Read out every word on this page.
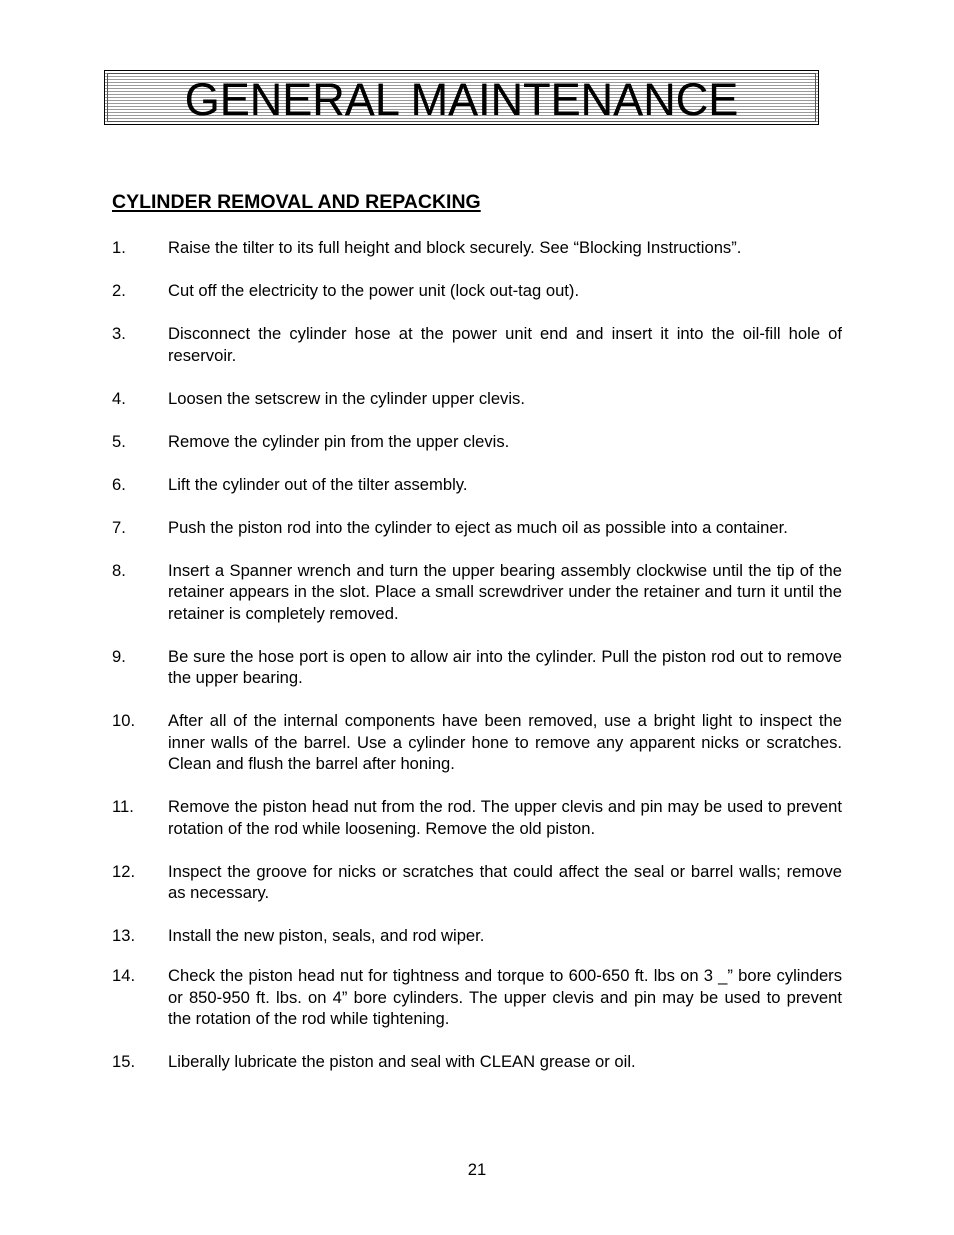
GENERAL MAINTENANCE
CYLINDER REMOVAL AND REPACKING
1.	Raise the tilter to its full height and block securely. See “Blocking Instructions”.
2.	Cut off the electricity to the power unit (lock out-tag out).
3.	Disconnect the cylinder hose at the power unit end and insert it into the oil-fill hole of reservoir.
4.	Loosen the setscrew in the cylinder upper clevis.
5.	Remove the cylinder pin from the upper clevis.
6.	Lift the cylinder out of the tilter assembly.
7.	Push the piston rod into the cylinder to eject as much oil as possible into a container.
8.	Insert a Spanner wrench and turn the upper bearing assembly clockwise until the tip of the retainer appears in the slot. Place a small screwdriver under the retainer and turn it until the retainer is completely removed.
9.	Be sure the hose port is open to allow air into the cylinder. Pull the piston rod out to remove the upper bearing.
10.	After all of the internal components have been removed, use a bright light to inspect the inner walls of the barrel. Use a cylinder hone to remove any apparent nicks or scratches. Clean and flush the barrel after honing.
11.	Remove the piston head nut from the rod. The upper clevis and pin may be used to prevent rotation of the rod while loosening. Remove the old piston.
12.	Inspect the groove for nicks or scratches that could affect the seal or barrel walls; remove as necessary.
13.	Install the new piston, seals, and rod wiper.
14.	Check the piston head nut for tightness and torque to 600-650 ft. lbs on 3 _” bore cylinders or 850-950 ft. lbs. on 4” bore cylinders. The upper clevis and pin may be used to prevent the rotation of the rod while tightening.
15.	Liberally lubricate the piston and seal with CLEAN grease or oil.
21
